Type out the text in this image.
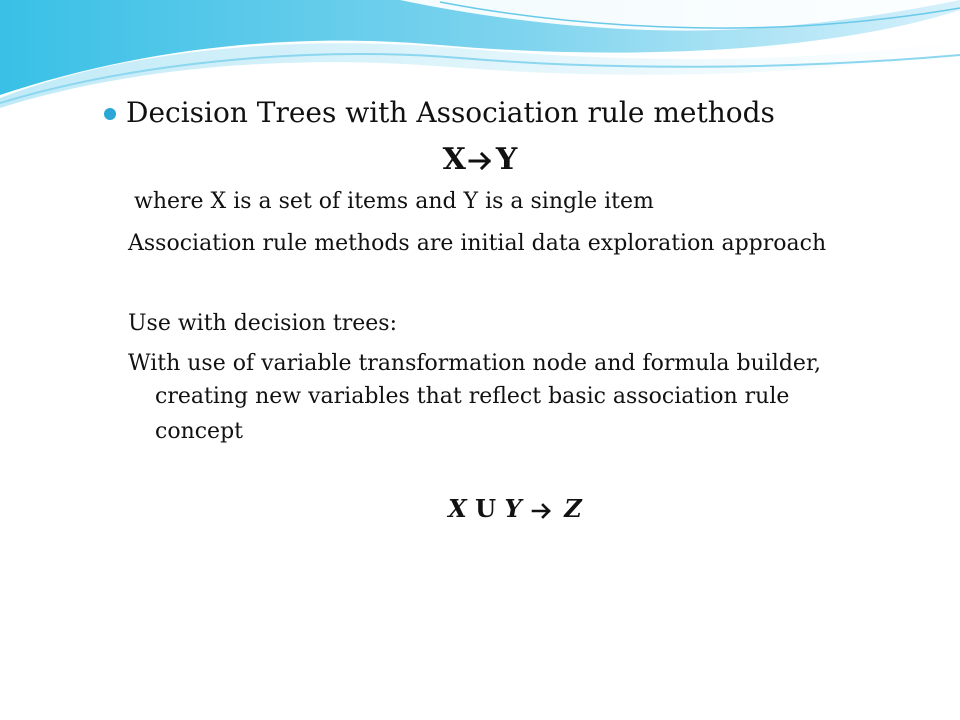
Decision Trees with Association rule methods
X Y
where X is a set of items and Y is a single item
Association rule methods are initial data exploration approach
Use with decision trees:
With use of variable transformation node and formula builder,
creating new variables that reflect basic association rule
concept
X U Y Z
